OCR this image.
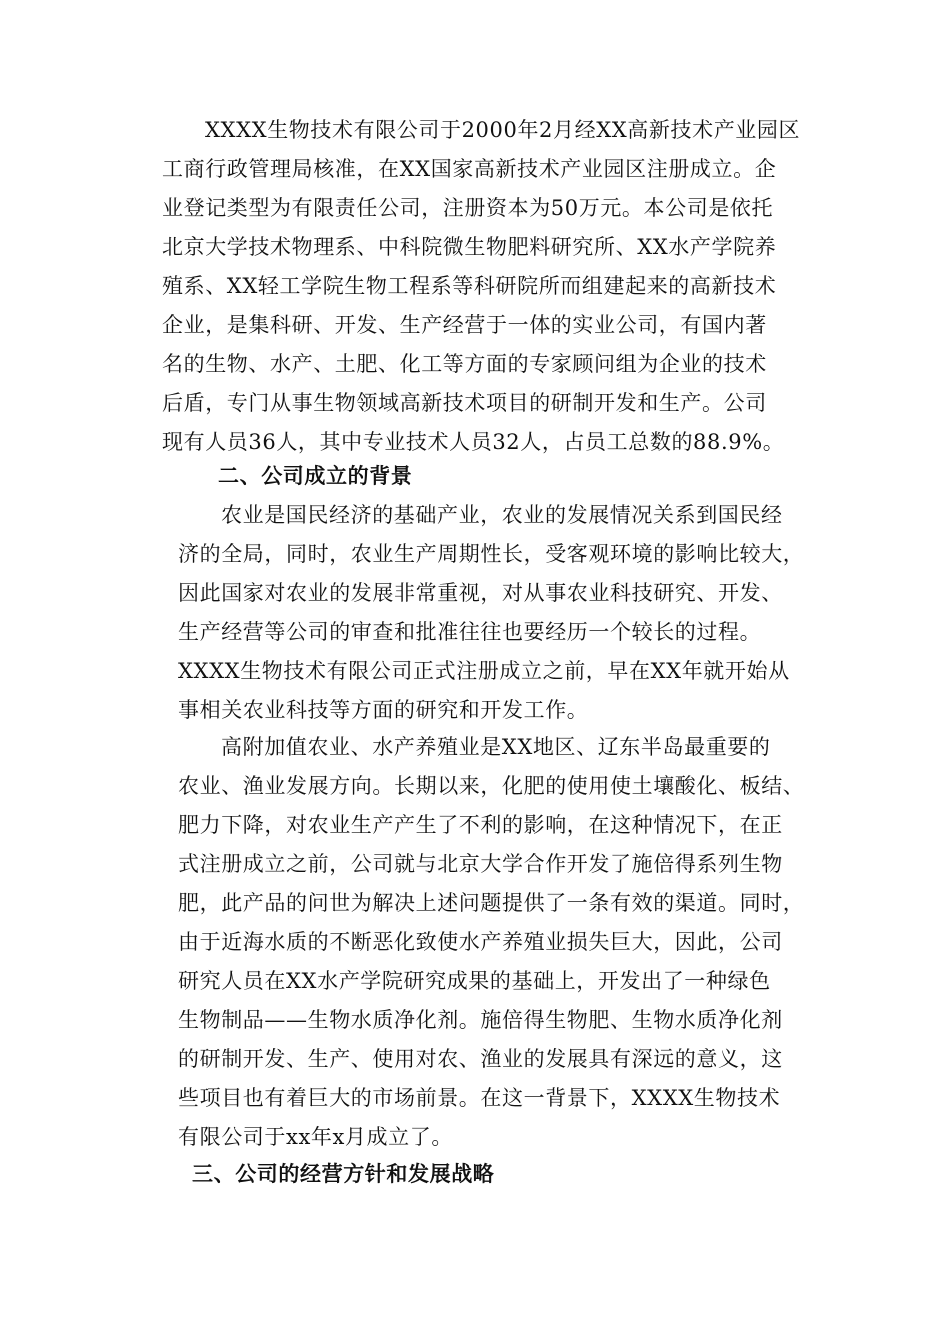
XXXX生物技术有限公司于2000年2月经XX高新技术产业园区
工商行政管理局核准，在XX国家高新技术产业园区注册成立。企
业登记类型为有限责任公司，注册资本为50万元。本公司是依托
北京大学技术物理系、中科院微生物肥料研究所、XX水产学院养
殖系、XX轻工学院生物工程系等科研院所而组建起来的高新技术
企业，是集科研、开发、生产经营于一体的实业公司，有国内著
名的生物、水产、土肥、化工等方面的专家顾问组为企业的技术
后盾，专门从事生物领域高新技术项目的研制开发和生产。公司
现有人员36人，其中专业技术人员32人，占员工总数的88.9%。
二、公司成立的背景
农业是国民经济的基础产业，农业的发展情况关系到国民经
济的全局，同时，农业生产周期性长，受客观环境的影响比较大，
因此国家对农业的发展非常重视，对从事农业科技研究、开发、
生产经营等公司的审查和批准往往也要经历一个较长的过程。
XXXX生物技术有限公司正式注册成立之前，早在XX年就开始从
事相关农业科技等方面的研究和开发工作。
高附加值农业、水产养殖业是XX地区、辽东半岛最重要的
农业、渔业发展方向。长期以来，化肥的使用使土壤酸化、板结、
肥力下降，对农业生产产生了不利的影响，在这种情况下，在正
式注册成立之前，公司就与北京大学合作开发了施倍得系列生物
肥，此产品的问世为解决上述问题提供了一条有效的渠道。同时，
由于近海水质的不断恶化致使水产养殖业损失巨大，因此，公司
研究人员在XX水产学院研究成果的基础上，开发出了一种绿色
生物制品——生物水质净化剂。施倍得生物肥、生物水质净化剂
的研制开发、生产、使用对农、渔业的发展具有深远的意义，这
些项目也有着巨大的市场前景。在这一背景下，XXXX生物技术
有限公司于xx年x月成立了。
三、公司的经营方针和发展战略
